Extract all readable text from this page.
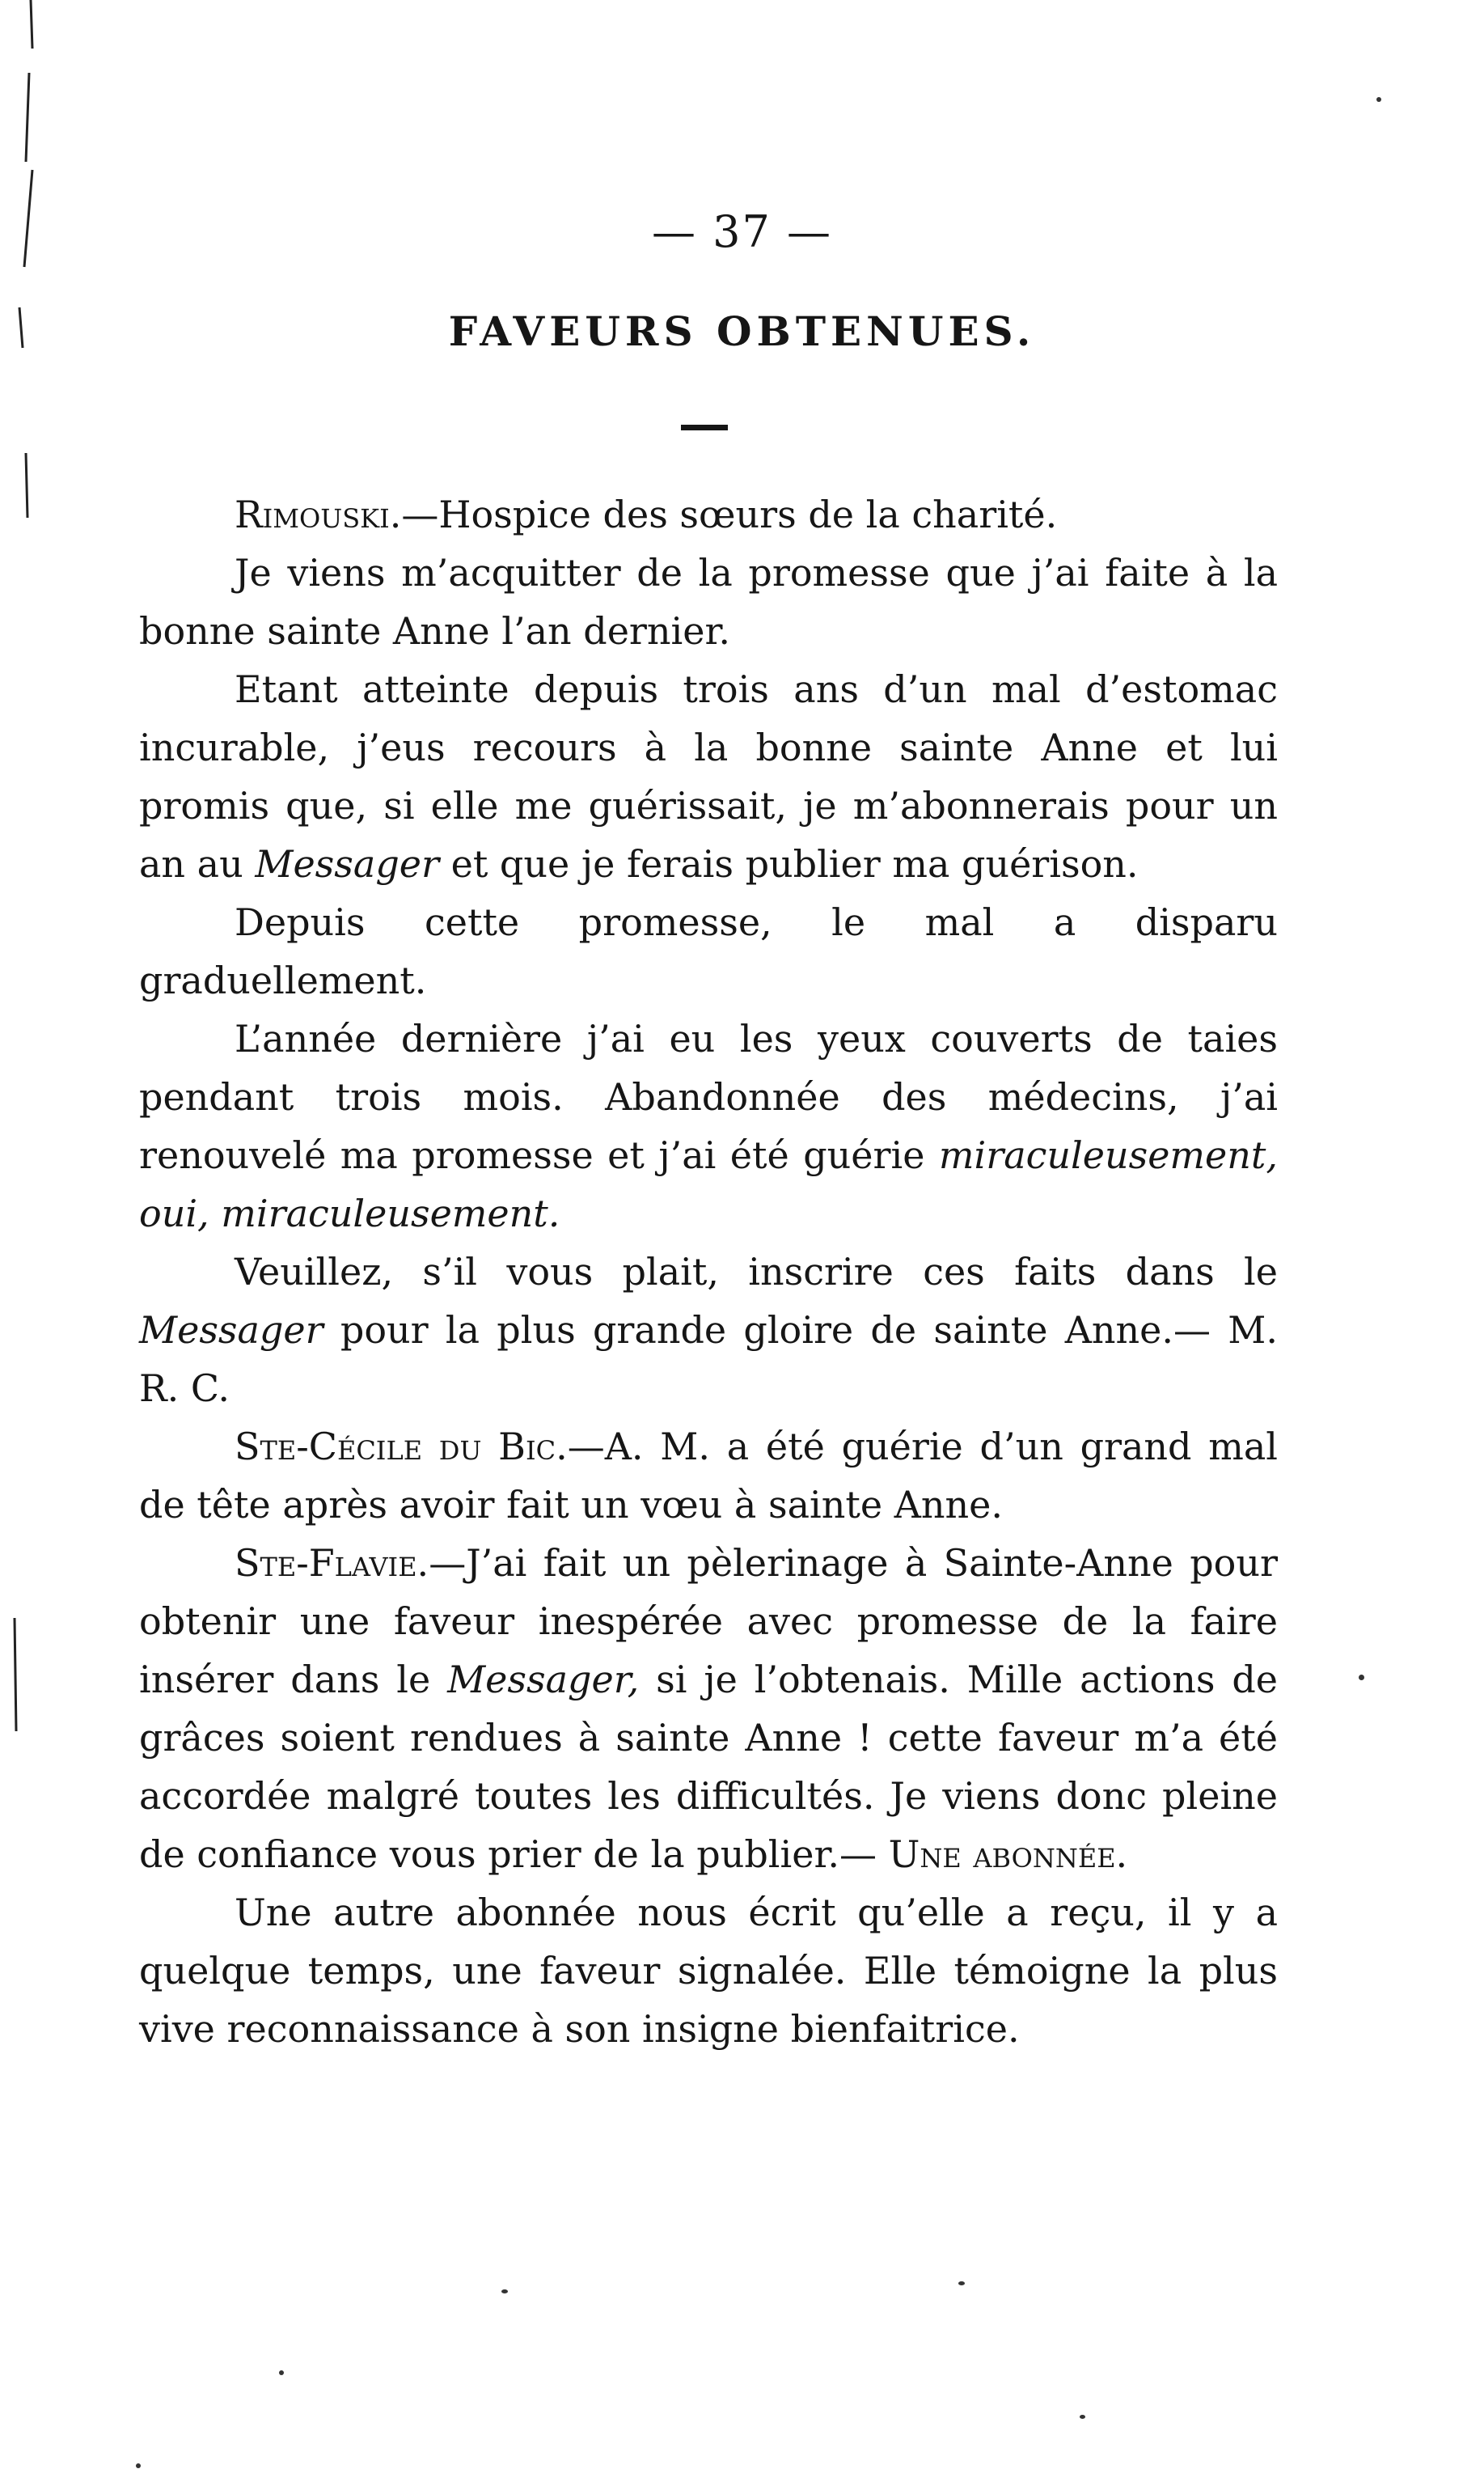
— 37 —
FAVEURS OBTENUES.

Rimouski.—Hospice des sœurs de la charité.

Je viens m’acquitter de la promesse que j’ai faite à la bonne sainte Anne l’an dernier.

Etant atteinte depuis trois ans d’un mal d’estomac incurable, j’eus recours à la bonne sainte Anne et lui promis que, si elle me guérissait, je m’abonnerais pour un an au Messager et que je ferais publier ma guérison.

Depuis cette promesse, le mal a disparu graduellement.

L’année dernière j’ai eu les yeux couverts de taies pendant trois mois. Abandonnée des médecins, j’ai renouvelé ma promesse et j’ai été guérie miraculeusement, oui, miraculeusement.

Veuillez, s’il vous plait, inscrire ces faits dans le Messager pour la plus grande gloire de sainte Anne.— M. R. C.

Ste-Cécile du Bic.—A. M. a été guérie d’un grand mal de tête après avoir fait un vœu à sainte Anne.

Ste-Flavie.—J’ai fait un pèlerinage à Sainte-Anne pour obtenir une faveur inespérée avec promesse de la faire insérer dans le Messager, si je l’obtenais. Mille actions de grâces soient rendues à sainte Anne ! cette faveur m’a été accordée malgré toutes les difficultés. Je viens donc pleine de confiance vous prier de la publier.— Une abonnée.

Une autre abonnée nous écrit qu’elle a reçu, il y a quelque temps, une faveur signalée. Elle témoigne la plus vive reconnaissance à son insigne bienfaitrice.
